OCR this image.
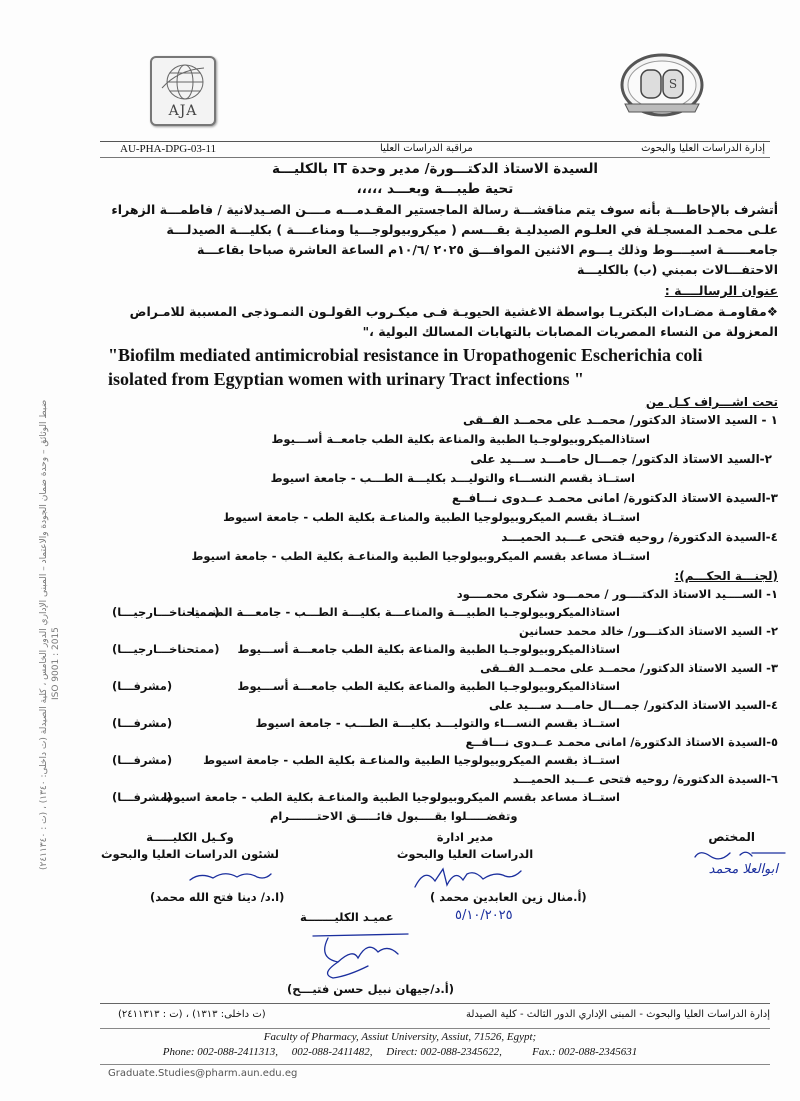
AJA
S
AU-PHA-DPG-03-11	مراقبة الدراسات العليا	إدارة الدراسات العليا والبحوث
السيدة الاستاذ الدكتـــورة/ مدير وحدة IT بالكليـــة
تحية طيبـــة وبعـــد ،،،،،
أتشرف بالإحاطـــة بأنه سوف يتم مناقشـــة رسالة الماجستير المقـدمـــه مــــن الصـيدلانية / فاطمـــة الزهراء
علـى محمـد المسجـلة في العلـوم الصيدليـة بقـــسم ( ميكروبيولوجـــيا ومناعــــة ) بكليـــة الصيدلـــة
جامعــــــة اسيــــوط وذلك يـــوم الاثنين الموافـــق ٢٠٢٥ /١٠/٦م الساعة العاشرة صباحا بقاعـــة
الاحتفـــالات بمبني (ب) بالكليـــة
عنوان الرسالــــة :
❖مقاومـة مضـادات البكتريـا بواسطة الاغشية الحيويـة فـى ميكـروب القولـون النمـوذجى المسببة للامـراض
المعزولة من النساء المصريات المصابات بالتهابات المسالك البولية ،"
"Biofilm mediated antimicrobial resistance in Uropathogenic Escherichia coli
isolated from Egyptian women with urinary Tract infections "
تحت اشـــراف كـل من
١ - السيد الاستاذ الدكتور/ محمــد على محمــد الفــقى
استاذالميكروبيولوجـيا الطبية والمناعة بكلية الطب جامعــة أســـيوط
٢-السيد الاستاذ الدكتور/ جمـــال حامـــد ســـيد على
استــاذ بقسم النســـاء والتوليـــد بكليـــة الطـــب - جامعة اسيوط
٣-السيدة الاستاذ الدكتورة/ امانى محمـد عــدوى نـــافــع
استــاذ بقسم الميكروبيولوجيا الطبية والمناعـة بكلية الطب - جامعة اسيوط
٤-السيدة الدكتورة/ روحيه فتحى عـــبد الحميـــد
استــاذ مساعد بقسم الميكروبيولوجيا الطبية والمناعـة بكلية الطب - جامعة اسيوط
(لجنـــة الحكـــم):
١- الســــيد الاستاذ الدكتــــور / محمـــود شكرى محمــــود
استاذالميكروبيولوجـيا الطبيـــة والمناعـــة بكليـــة الطـــب - جامعـــة المنـــيا
(ممتحناخـــارجيـــا)
٢- السيد الاستاذ الدكتـــور/ خالد محمد حسانين
استاذالميكروبيولوجـيا الطبية والمناعة بكلية الطب جامعـــة أســـيوط
(ممتحناخـــارجيـــا)
٣- السيد الاستاذ الدكتور/ محمــد على محمــد الفــقى
استاذالميكروبيولوجـيا الطبية والمناعة بكلية الطب جامعـــة أســـيوط
(مشرفـــا)
٤-السيد الاستاذ الدكتور/ جمـــال حامـــد ســـيد على
استــاذ بقسم النســـاء والتوليـــد بكليـــة الطـــب - جامعة اسيوط
(مشرفـــا)
٥-السيدة الاستاذ الدكتورة/ امانى محمـد عــدوى نـــافــع
استــاذ بقسم الميكروبيولوجيا الطبية والمناعـة بكلية الطب - جامعة اسيوط
(مشرفـــا)
٦-السيدة الدكتورة/ روحيه فتحى عـــبد الحميـــد
استــاذ مساعد بقسم الميكروبيولوجيا الطبية والمناعـة بكلية الطب - جامعة اسيوط
(مشرفـــا)
وتفضـــــلوا بقــــبول فائـــــق الاحتـــــــرام
المختص
ابوالعلا محمد
مدير ادارة
الدراسات العليا والبحوث
وكـيل الكليـــــة
لشئون الدراسات العليا والبحوث
(أ.منال زين العابدين محمد )
٥/١٠/٢٠٢٥
(ا.د/ دينا فتح الله محمد)
عميـد الكليـــــــة
(أ.د/جيهان نبيل حسن فتيـــح)
إدارة الدراسات العليا والبحوث - المبنى الإداري الدور الثالث - كلية الصيدلة
(ت داخلى: ١٣١٣) ، (ت : ٢٤١١٣١٣)
Faculty of Pharmacy, Assiut University, Assiut, 71526, Egypt;
Phone: 002-088-2411313,     002-088-2411482,     Direct: 002-088-2345622,           Fax.: 002-088-2345631
Graduate.Studies@pharm.aun.edu.eg
ضبط الوثائق – وحدة ضمان الجودة والاعتماد – المبنى الإداري الدور الخامس ، كلية الصيدلة (ت داخلى: ١٣٤٠) ، (ت : ٢٤١١٣٤٠) ISO 9001 : 2015
